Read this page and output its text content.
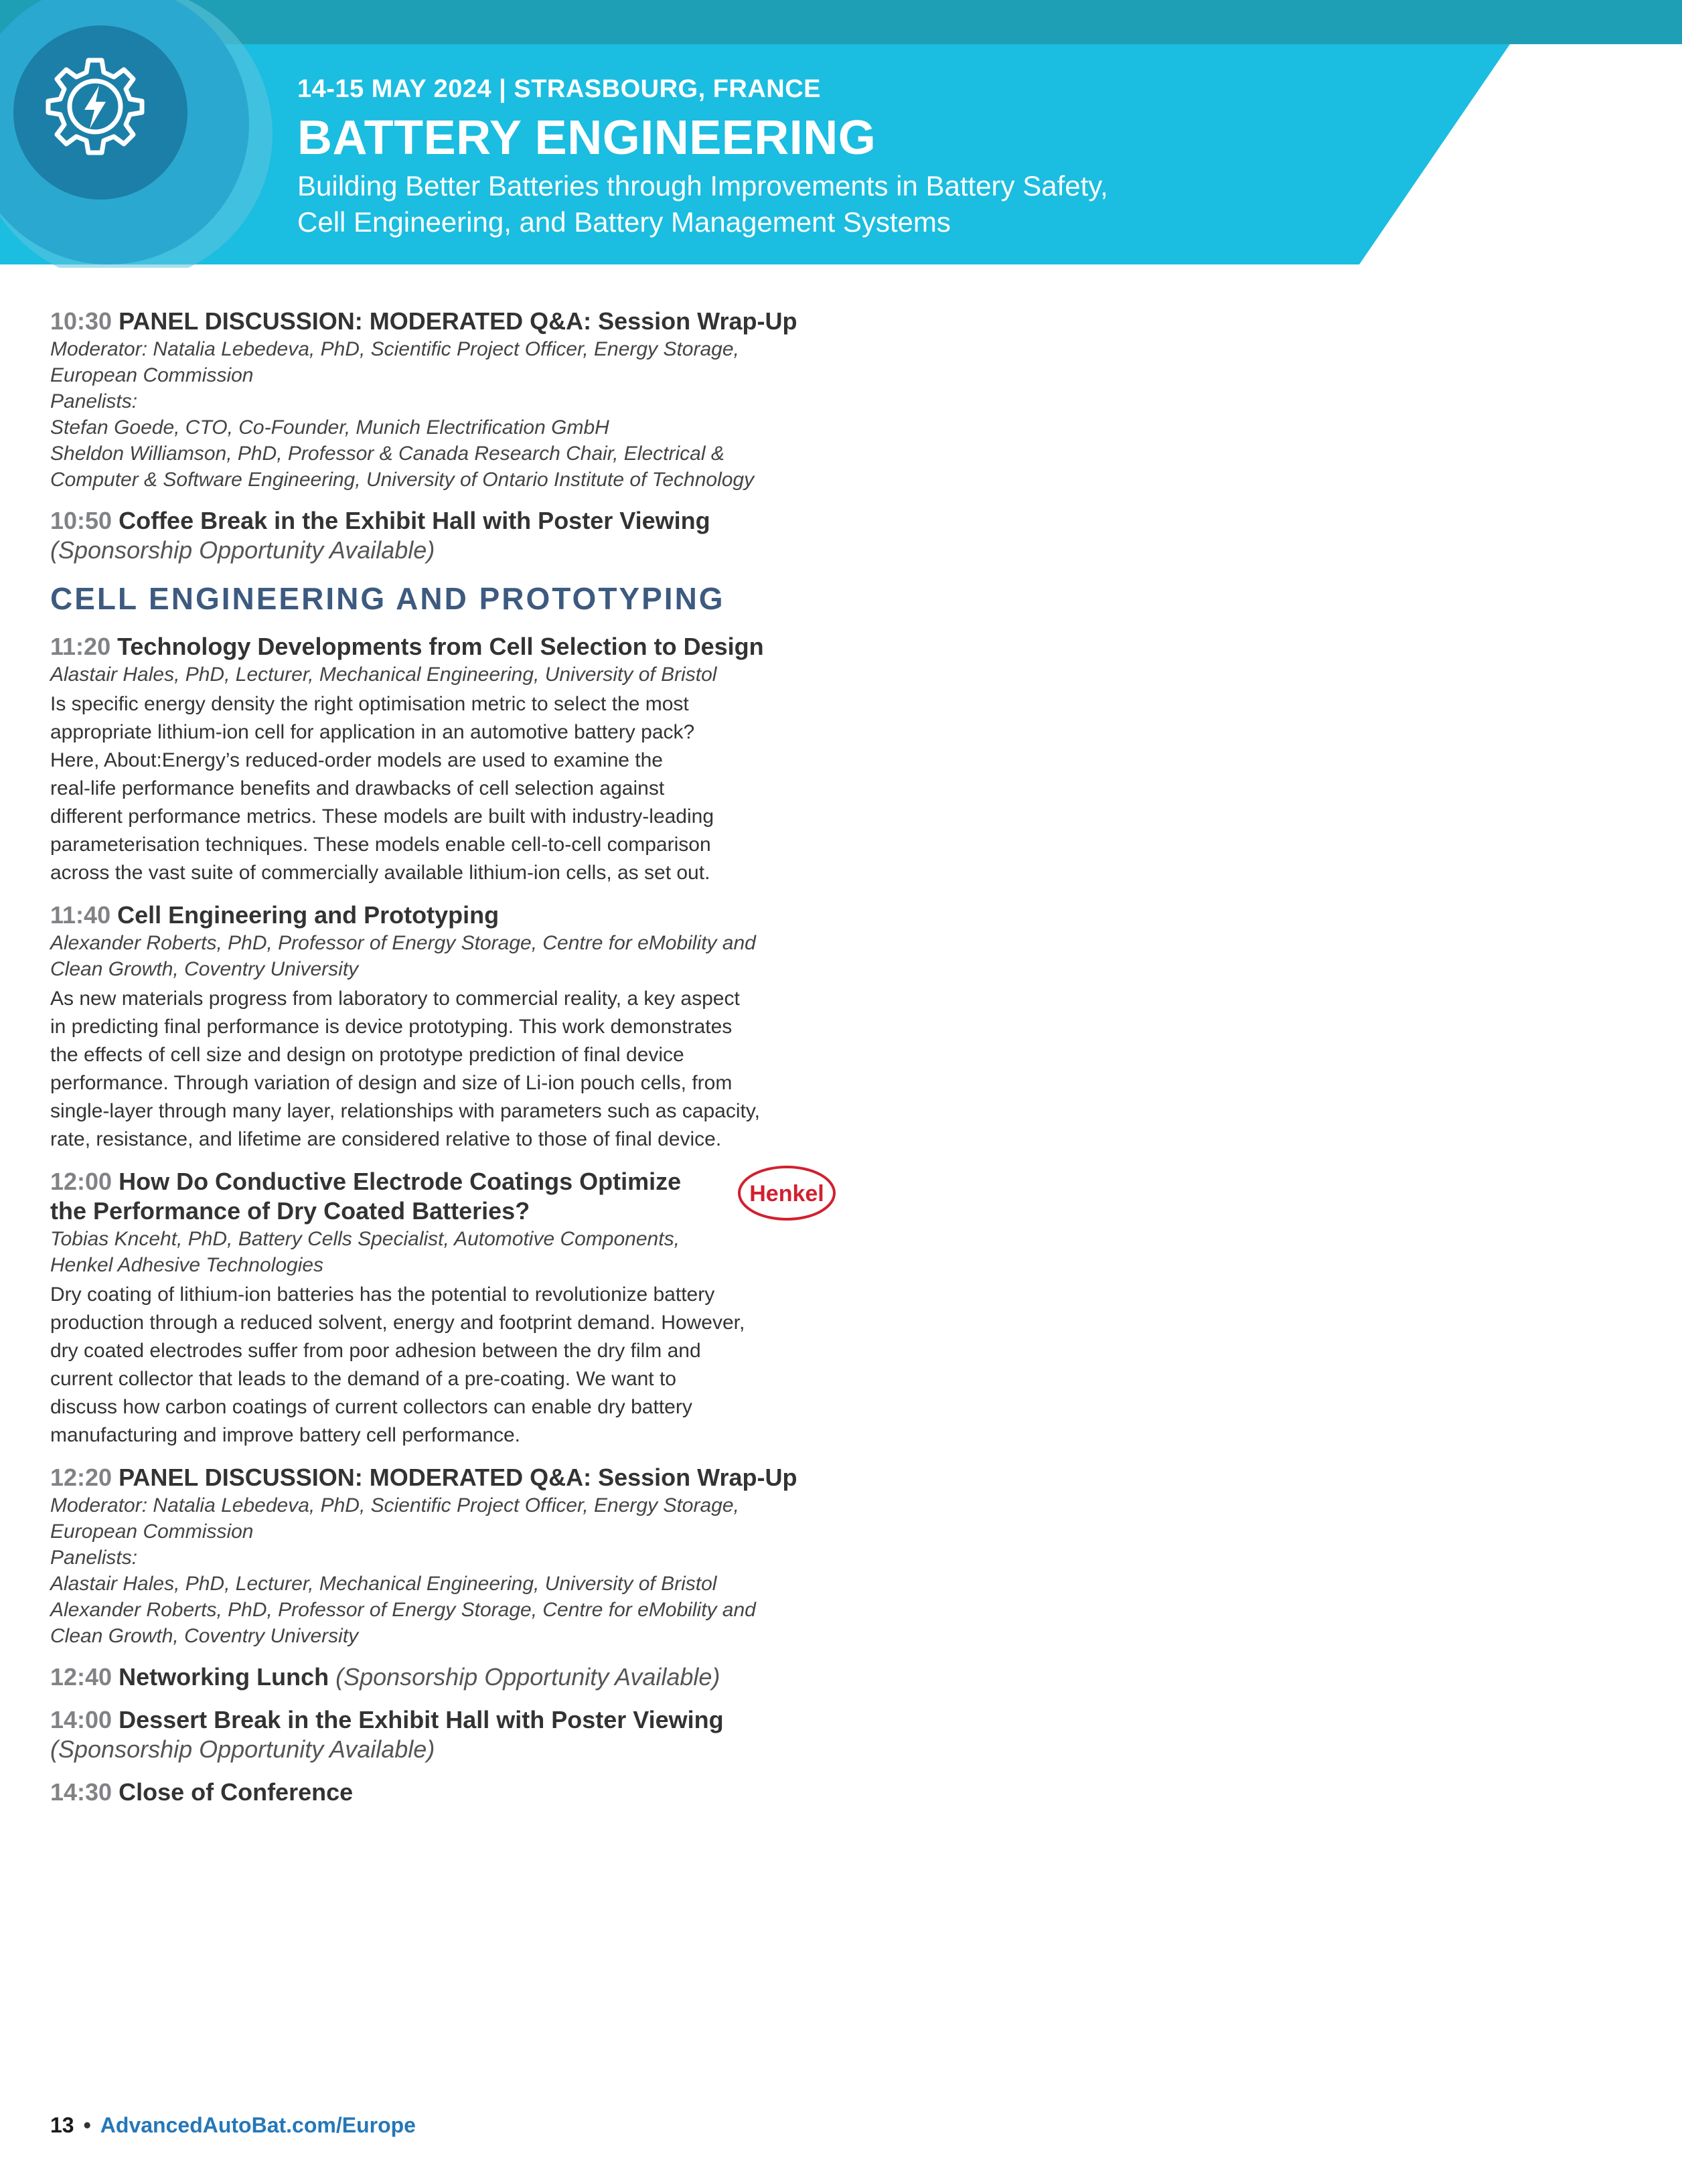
14-15 MAY 2024 | STRASBOURG, FRANCE
BATTERY ENGINEERING
Building Better Batteries through Improvements in Battery Safety,
Cell Engineering, and Battery Management Systems
10:30 PANEL DISCUSSION: MODERATED Q&A: Session Wrap-Up
Moderator: Natalia Lebedeva, PhD, Scientific Project Officer, Energy Storage,
European Commission
Panelists:
Stefan Goede, CTO, Co-Founder, Munich Electrification GmbH
Sheldon Williamson, PhD, Professor & Canada Research Chair, Electrical &
Computer & Software Engineering, University of Ontario Institute of Technology
10:50 Coffee Break in the Exhibit Hall with Poster Viewing
(Sponsorship Opportunity Available)
CELL ENGINEERING AND PROTOTYPING
11:20 Technology Developments from Cell Selection to Design
Alastair Hales, PhD, Lecturer, Mechanical Engineering, University of Bristol
Is specific energy density the right optimisation metric to select the most
appropriate lithium-ion cell for application in an automotive battery pack?
Here, About:Energy’s reduced-order models are used to examine the
real-life performance benefits and drawbacks of cell selection against
different performance metrics. These models are built with industry-leading
parameterisation techniques. These models enable cell-to-cell comparison
across the vast suite of commercially available lithium-ion cells, as set out.
11:40 Cell Engineering and Prototyping
Alexander Roberts, PhD, Professor of Energy Storage, Centre for eMobility and
Clean Growth, Coventry University
As new materials progress from laboratory to commercial reality, a key aspect
in predicting final performance is device prototyping. This work demonstrates
the effects of cell size and design on prototype prediction of final device
performance. Through variation of design and size of Li-ion pouch cells, from
single-layer through many layer, relationships with parameters such as capacity,
rate, resistance, and lifetime are considered relative to those of final device.
Henkel
12:00 How Do Conductive Electrode Coatings Optimize
the Performance of Dry Coated Batteries?
Tobias Knceht, PhD, Battery Cells Specialist, Automotive Components,
Henkel Adhesive Technologies
Dry coating of lithium-ion batteries has the potential to revolutionize battery
production through a reduced solvent, energy and footprint demand. However,
dry coated electrodes suffer from poor adhesion between the dry film and
current collector that leads to the demand of a pre-coating. We want to
discuss how carbon coatings of current collectors can enable dry battery
manufacturing and improve battery cell performance.
12:20 PANEL DISCUSSION: MODERATED Q&A: Session Wrap-Up
Moderator: Natalia Lebedeva, PhD, Scientific Project Officer, Energy Storage,
European Commission
Panelists:
Alastair Hales, PhD, Lecturer, Mechanical Engineering, University of Bristol
Alexander Roberts, PhD, Professor of Energy Storage, Centre for eMobility and
Clean Growth, Coventry University
12:40 Networking Lunch (Sponsorship Opportunity Available)
14:00 Dessert Break in the Exhibit Hall with Poster Viewing
(Sponsorship Opportunity Available)
14:30 Close of Conference
13 • AdvancedAutoBat.com/Europe
